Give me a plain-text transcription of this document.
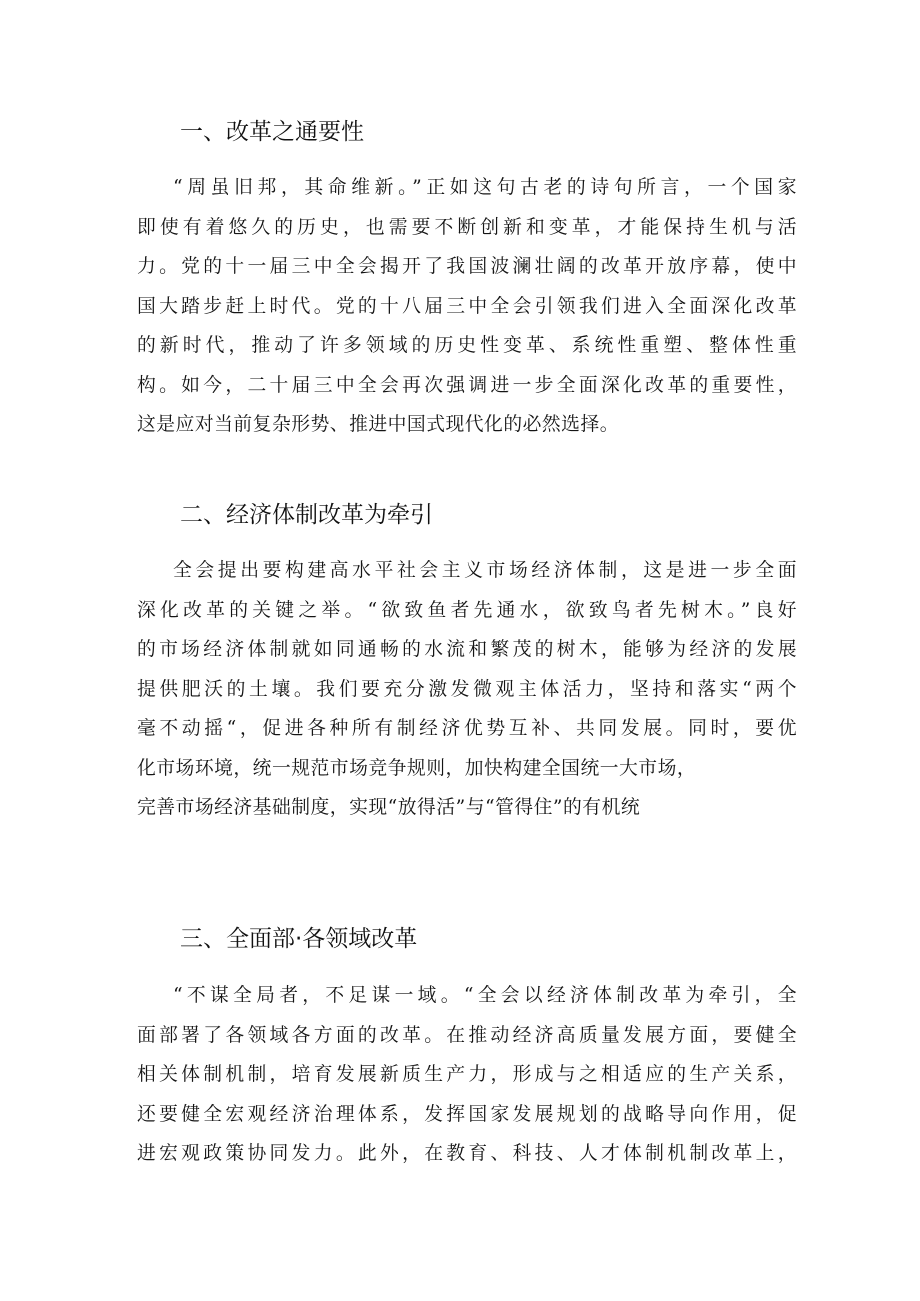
一、改革之通要性
“周虽旧邦，其命维新。”正如这句古老的诗句所言，一个国家
即使有着悠久的历史，也需要不断创新和变革，才能保持生机与活
力。党的十一届三中全会揭开了我国波澜壮阔的改革开放序幕，使中
国大踏步赶上时代。党的十八届三中全会引领我们进入全面深化改革
的新时代，推动了许多领域的历史性变革、系统性重塑、整体性重
构。如今，二十届三中全会再次强调进一步全面深化改革的重要性，
这是应对当前复杂形势、推进中国式现代化的必然选择。
二、经济体制改革为牵引
全会提出要构建高水平社会主义市场经济体制，这是进一步全面
深化改革的关键之举。“欲致鱼者先通水，欲致鸟者先树木。”良好
的市场经济体制就如同通畅的水流和繁茂的树木，能够为经济的发展
提供肥沃的土壤。我们要充分激发微观主体活力，坚持和落实“两个
毫不动摇“，促进各种所有制经济优势互补、共同发展。同时，要优
化市场环境，统一规范市场竞争规则，加快构建全国统一大市场，
完善市场经济基础制度，实现“放得活”与“管得住”的有机统
三、全面部·各领域改革
“不谋全局者，不足谋一域。“全会以经济体制改革为牵引，全
面部署了各领域各方面的改革。在推动经济高质量发展方面，要健全
相关体制机制，培育发展新质生产力，形成与之相适应的生产关系，
还要健全宏观经济治理体系，发挥国家发展规划的战略导向作用，促
进宏观政策协同发力。此外，在教育、科技、人才体制机制改革上，
